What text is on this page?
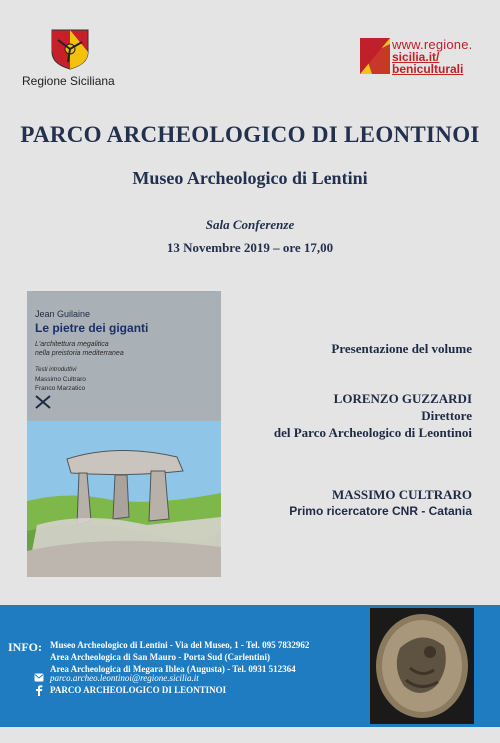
Regione Siciliana
www.regione.
sicilia.it/
beniculturali
PARCO ARCHEOLOGICO DI LEONTINOI
Museo Archeologico di Lentini
Sala Conferenze
13 Novembre 2019 – ore 17,00
Jean Guilaine
Le pietre dei giganti
L'architettura megalitica
nella preistoria mediterranea
Testi introduttivi
Massimo Cultraro
Franco Marzatico
Presentazione del volume
LORENZO GUZZARDI
Direttore
del Parco Archeologico di Leontinoi
MASSIMO CULTRARO
Primo ricercatore CNR - Catania
INFO: Museo Archeologico di Lentini - Via del Museo, 1 - Tel. 095 7832962
Area Archeologica di San Mauro - Porta Sud (Carlentini)
Area Archeologica di Megara Iblea (Augusta) - Tel. 0931 512364
parco.archeo.leontinoi@regione.sicilia.it
PARCO ARCHEOLOGICO DI LEONTINOI
